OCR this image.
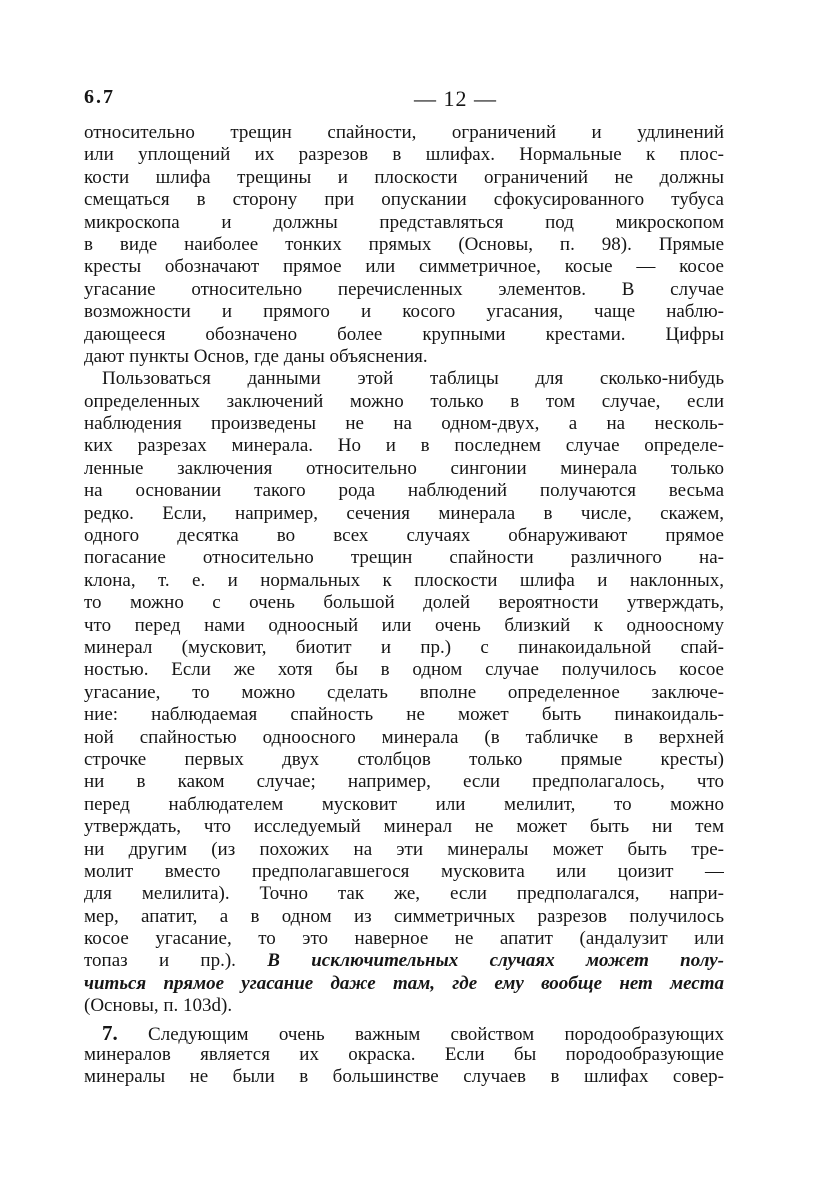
6.7	— 12 —
относительно трещин спайности, ограничений и удлинений
или уплощений их разрезов в шлифах. Нормальные к плос-
кости шлифа трещины и плоскости ограничений не должны
смещаться в сторону при опускании сфокусированного тубуса
микроскопа и должны представляться под микроскопом
в виде наиболее тонких прямых (Основы, п. 98). Прямые
кресты обозначают прямое или симметричное, косые — косое
угасание относительно перечисленных элементов. В случае
возможности и прямого и косого угасания, чаще наблю-
дающееся обозначено более крупными крестами. Цифры
дают пункты Основ, где даны объяснения.
Пользоваться данными этой таблицы для сколько-нибудь
определенных заключений можно только в том случае, если
наблюдения произведены не на одном-двух, а на несколь-
ких разрезах минерала. Но и в последнем случае определе-
ленные заключения относительно сингонии минерала только
на основании такого рода наблюдений получаются весьма
редко. Если, например, сечения минерала в числе, скажем,
одного десятка во всех случаях обнаруживают прямое
погасание относительно трещин спайности различного на-
клона, т. е. и нормальных к плоскости шлифа и наклонных,
то можно с очень большой долей вероятности утверждать,
что перед нами одноосный или очень близкий к одноосному
минерал (мусковит, биотит и пр.) с пинакоидальной спай-
ностью. Если же хотя бы в одном случае получилось косое
угасание, то можно сделать вполне определенное заключе-
ние: наблюдаемая спайность не может быть пинакоидаль-
ной спайностью одноосного минерала (в табличке в верхней
строчке первых двух столбцов только прямые кресты)
ни в каком случае; например, если предполагалось, что
перед наблюдателем мусковит или мелилит, то можно
утверждать, что исследуемый минерал не может быть ни тем
ни другим (из похожих на эти минералы может быть тре-
молит вместо предполагавшегося мусковита или цоизит —
для мелилита). Точно так же, если предполагался, напри-
мер, апатит, а в одном из симметричных разрезов получилось
косое угасание, то это наверное не апатит (андалузит или
топаз и пр.). В исключительных случаях может полу-
читься прямое угасание даже там, где ему вообще нет места
(Основы, п. 103d).
7. Следующим очень важным свойством породообразующих
минералов является их окраска. Если бы породообразующие
минералы не были в большинстве случаев в шлифах совер-
